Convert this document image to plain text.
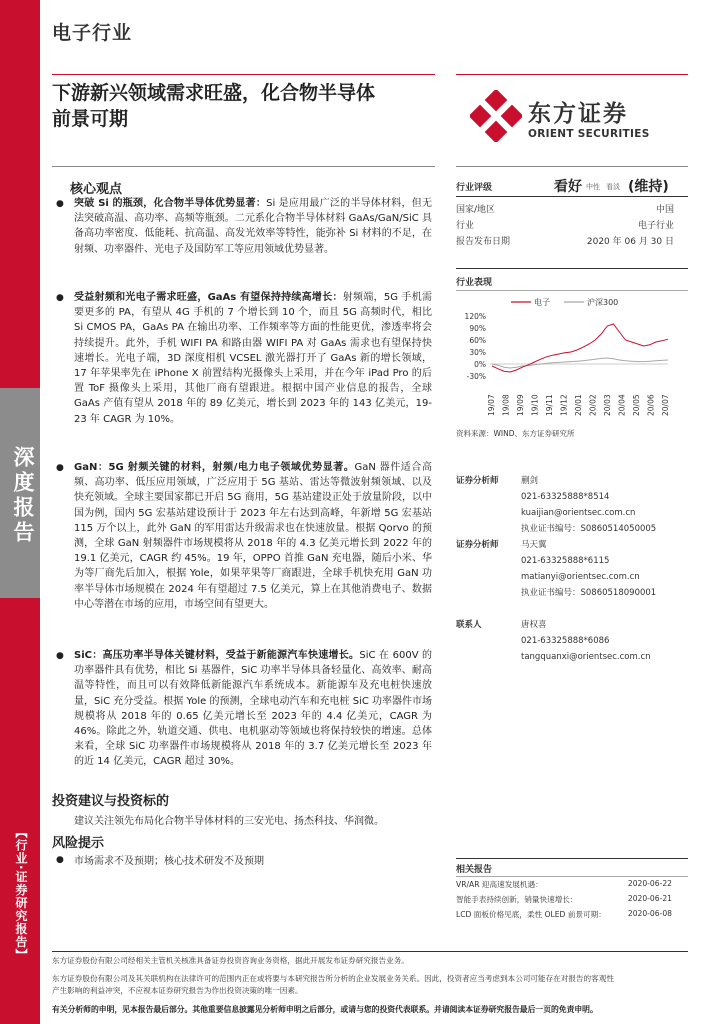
深度报告
【行业·证券研究报告】
电子行业
下游新兴领域需求旺盛，化合物半导体
前景可期	东方证券
ORIENT SECURITIES
核心观点
● 突破 Si 的瓶颈，化合物半导体优势显著：Si 是应用最广泛的半导体材料，但无法突破高温、高功率、高频等瓶颈。二元系化合物半导体材料 GaAs/GaN/SiC 具备高功率密度、低能耗、抗高温、高发光效率等特性，能弥补 Si 材料的不足，在射频、功率器件、光电子及国防军工等应用领域优势显著。
● 受益射频和光电子需求旺盛，GaAs 有望保持持续高增长：射频端，5G 手机需要更多的 PA，有望从 4G 手机的 7 个增长到 10 个，而且 5G 高频时代，相比 Si CMOS PA，GaAs PA 在输出功率、工作频率等方面的性能更优，渗透率将会持续提升。此外，手机 WIFI PA 和路由器 WIFI PA 对 GaAs 需求也有望保持快速增长。光电子端，3D 深度相机 VCSEL 激光器打开了 GaAs 新的增长领域，17 年苹果率先在 iPhone X 前置结构光摄像头上采用，并在今年 iPad Pro 的后置 ToF 摄像头上采用，其他厂商有望跟进。根据中国产业信息的报告，全球 GaAs 产值有望从 2018 年的 89 亿美元，增长到 2023 年的 143 亿美元，19-23 年 CAGR 为 10%。
● GaN：5G 射频关键的材料，射频/电力电子领域优势显著。GaN 器件适合高频、高功率、低压应用领域，广泛应用于 5G 基站、雷达等微波射频领域、以及快充领域。全球主要国家都已开启 5G 商用，5G 基站建设正处于放量阶段，以中国为例，国内 5G 宏基站建设预计于 2023 年左右达到高峰，年新增 5G 宏基站 115 万个以上，此外 GaN 的军用雷达升级需求也在快速放量。根据 Qorvo 的预测，全球 GaN 射频器件市场规模将从 2018 年的 4.3 亿美元增长到 2022 年的 19.1 亿美元，CAGR 约 45%。19 年，OPPO 首推 GaN 充电器，随后小米、华为等厂商先后加入，根据 Yole，如果苹果等厂商跟进，全球手机快充用 GaN 功率半导体市场规模在 2024 年有望超过 7.5 亿美元，算上在其他消费电子、数据中心等潜在市场的应用，市场空间有望更大。
● SiC：高压功率半导体关键材料，受益于新能源汽车快速增长。SiC 在 600V 的功率器件具有优势，相比 Si 基器件，SiC 功率半导体具备轻量化、高效率、耐高温等特性，而且可以有效降低新能源汽车系统成本。新能源车及充电桩快速放量，SiC 充分受益。根据 Yole 的预测，全球电动汽车和充电桩 SiC 功率器件市场规模将从 2018 年的 0.65 亿美元增长至 2023 年的 4.4 亿美元，CAGR 为 46%。除此之外，轨道交通、供电、电机驱动等领域也将保持较快的增速。总体来看，全球 SiC 功率器件市场规模将从 2018 年的 3.7 亿美元增长至 2023 年的近 14 亿美元，CAGR 超过 30%。
投资建议与投资标的
建议关注领先布局化合物半导体材料的三安光电、扬杰科技、华润微。
风险提示
● 市场需求不及预期；核心技术研发不及预期
行业评级	看好 中性 看淡 (维持)
国家/地区	中国
行业	电子行业
报告发布日期	2020 年 06 月 30 日
行业表现
电子	沪深300
120%
90%
60%
30%
0%
-30%
19/07 19/08 19/09 19/10 19/11 19/12 20/01 20/02 20/03 20/04 20/05 20/06 20/07
资料来源：WIND、东方证券研究所
证券分析师	蒯剑
021-63325888*8514
kuaijian@orientsec.com.cn
执业证书编号：S0860514050005
证券分析师	马天翼
021-63325888*6115
matianyi@orientsec.com.cn
执业证书编号：S0860518090001
联系人	唐权喜
021-63325888*6086
tangquanxi@orientsec.com.cn
相关报告
VR/AR 迎高速发展机遇：	2020-06-22
智能手表持续创新，销量快速增长：	2020-06-21
LCD 面板价格见底，柔性 OLED 前景可期：	2020-06-08
东方证券股份有限公司经相关主管机关核准具备证券投资咨询业务资格，据此开展发布证券研究报告业务。
东方证券股份有限公司及其关联机构在法律许可的范围内正在或将要与本研究报告所分析的企业发展业务关系。因此，投资者应当考虑到本公司可能存在对报告的客观性
产生影响的利益冲突，不应视本证券研究报告为作出投资决策的唯一因素。
有关分析师的申明，见本报告最后部分。其他重要信息披露见分析师申明之后部分，或请与您的投资代表联系。并请阅读本证券研究报告最后一页的免责申明。
